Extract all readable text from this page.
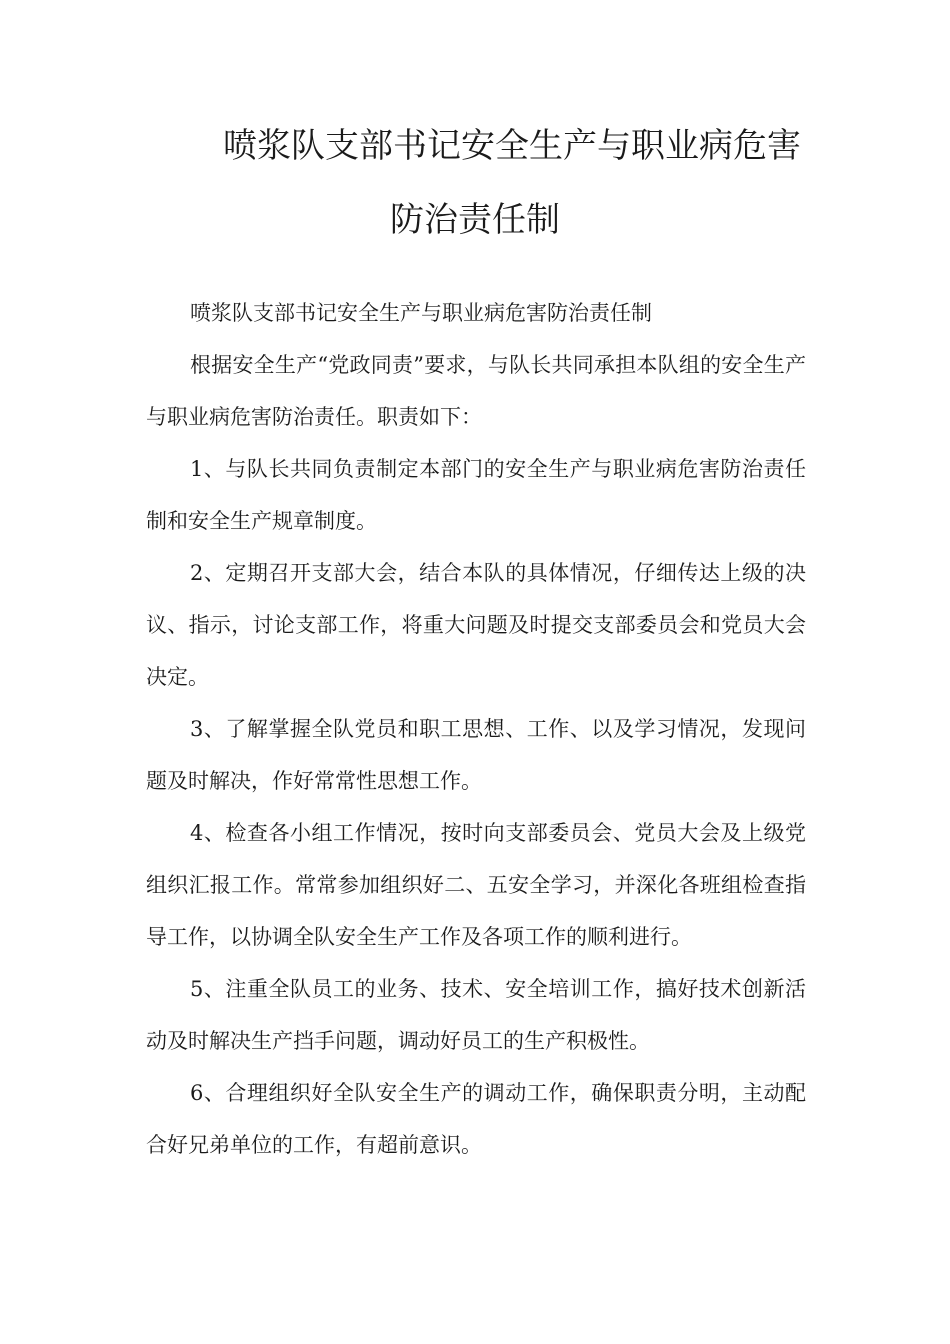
喷浆队支部书记安全生产与职业病危害
防治责任制

喷浆队支部书记安全生产与职业病危害防治责任制

根据安全生产“党政同责”要求，与队长共同承担本队组的安全生产与职业病危害防治责任。职责如下：

1、与队长共同负责制定本部门的安全生产与职业病危害防治责任制和安全生产规章制度。

2、定期召开支部大会，结合本队的具体情况，仔细传达上级的决议、指示，讨论支部工作，将重大问题及时提交支部委员会和党员大会决定。

3、了解掌握全队党员和职工思想、工作、以及学习情况，发现问题及时解决，作好常常性思想工作。

4、检查各小组工作情况，按时向支部委员会、党员大会及上级党组织汇报工作。常常参加组织好二、五安全学习，并深化各班组检查指导工作，以协调全队安全生产工作及各项工作的顺利进行。

5、注重全队员工的业务、技术、安全培训工作，搞好技术创新活动及时解决生产挡手问题，调动好员工的生产积极性。

6、合理组织好全队安全生产的调动工作，确保职责分明，主动配合好兄弟单位的工作，有超前意识。
